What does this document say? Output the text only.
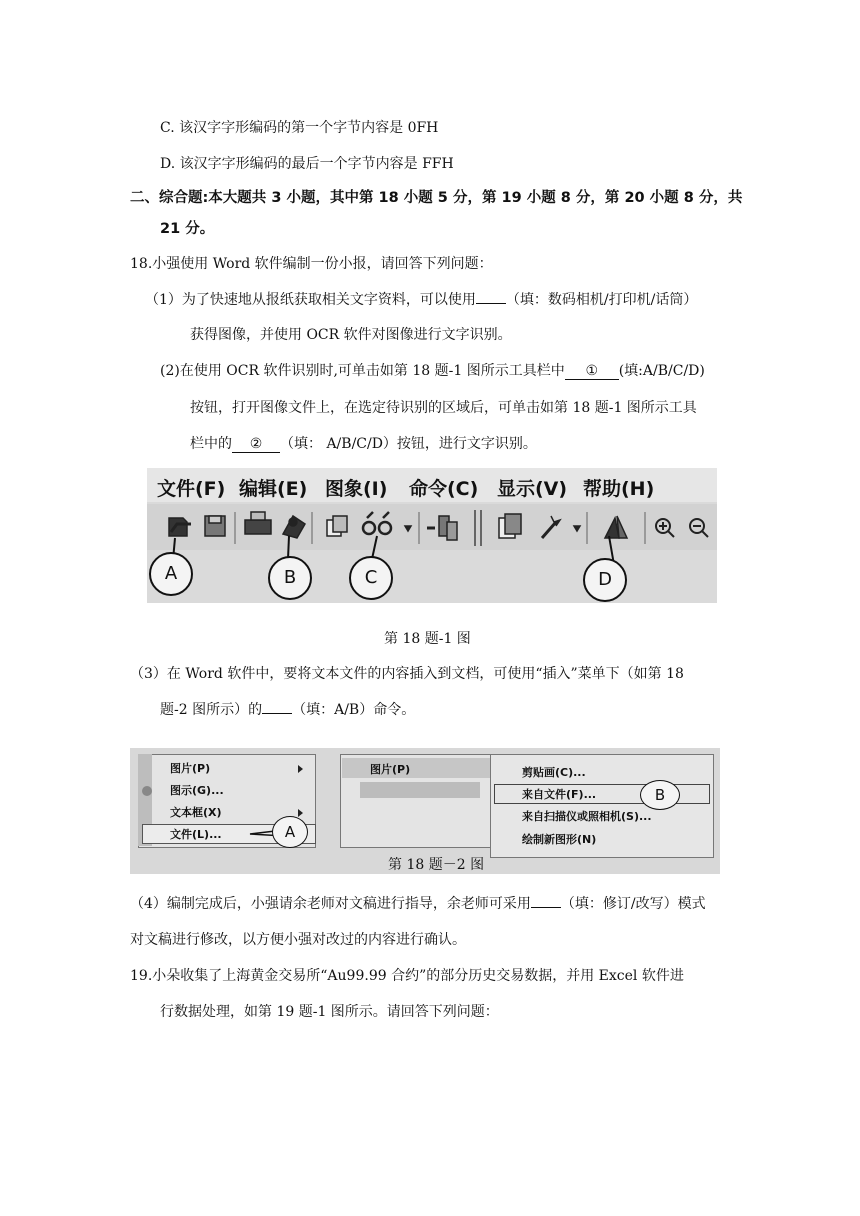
C. 该汉字字形编码的第一个字节内容是 0FH
D. 该汉字字形编码的最后一个字节内容是 FFH
二、综合题:本大题共 3 小题，其中第 18 小题 5 分，第 19 小题 8 分，第 20 小题 8 分，共
21 分。
18.小强使用 Word 软件编制一份小报，请回答下列问题：
（1）为了快速地从报纸获取相关文字资料，可以使用 （填：数码相机/打印机/话筒）
获得图像，并使用 OCR 软件对图像进行文字识别。
(2)在使用 OCR 软件识别时,可单击如第 18 题-1 图所示工具栏中 ① (填:A/B/C/D)
按钮，打开图像文件上，在选定待识别的区域后，可单击如第 18 题-1 图所示工具
栏中的 ② （填： A/B/C/D）按钮，进行文字识别。
文件(F) 编辑(E) 图象(I) 命令(C) 显示(V) 帮助(H)
A	B	C	D
第 18 题-1 图
（3）在 Word 软件中，要将文本文件的内容插入到文档，可使用“插入”菜单下（如第 18
题-2 图所示）的 （填：A/B）命令。
图片(P)
图示(G)...
文本框(X)
文件(L)...	A
图片(P)	剪贴画(C)...
来自文件(F)...
来自扫描仪或照相机(S)...
绘制新图形(N)
B
第 18 题－2 图
（4）编制完成后，小强请余老师对文稿进行指导，余老师可采用 （填：修订/改写）模式
对文稿进行修改，以方便小强对改过的内容进行确认。
19.小朵收集了上海黄金交易所“Au99.99 合约”的部分历史交易数据，并用 Excel 软件进
行数据处理，如第 19 题-1 图所示。请回答下列问题：
